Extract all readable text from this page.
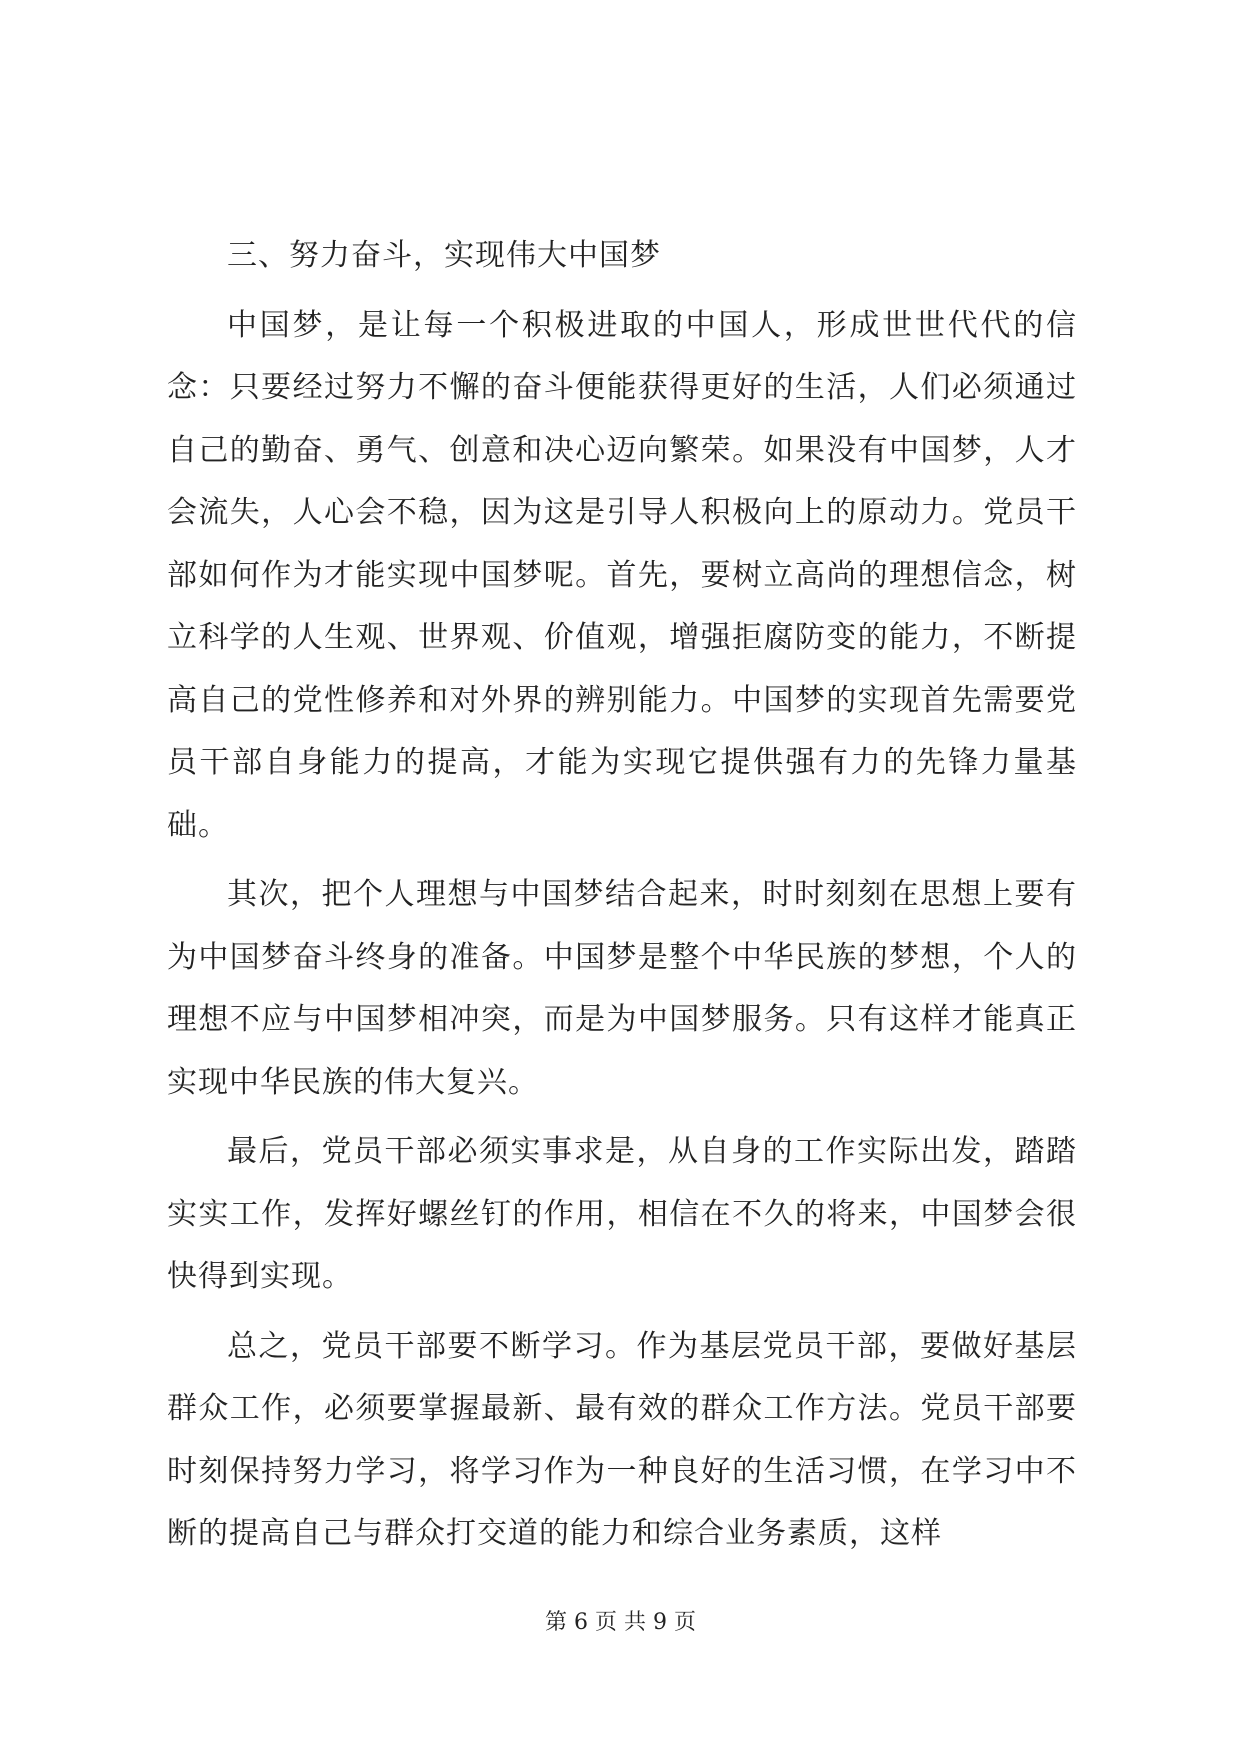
三、努力奋斗，实现伟大中国梦

中国梦，是让每一个积极进取的中国人，形成世世代代的信念：只要经过努力不懈的奋斗便能获得更好的生活，人们必须通过自己的勤奋、勇气、创意和决心迈向繁荣。如果没有中国梦，人才会流失，人心会不稳，因为这是引导人积极向上的原动力。党员干部如何作为才能实现中国梦呢。首先，要树立高尚的理想信念，树立科学的人生观、世界观、价值观，增强拒腐防变的能力，不断提高自己的党性修养和对外界的辨别能力。中国梦的实现首先需要党员干部自身能力的提高，才能为实现它提供强有力的先锋力量基础。

其次，把个人理想与中国梦结合起来，时时刻刻在思想上要有为中国梦奋斗终身的准备。中国梦是整个中华民族的梦想，个人的理想不应与中国梦相冲突，而是为中国梦服务。只有这样才能真正实现中华民族的伟大复兴。

最后，党员干部必须实事求是，从自身的工作实际出发，踏踏实实工作，发挥好螺丝钉的作用，相信在不久的将来，中国梦会很快得到实现。

总之，党员干部要不断学习。作为基层党员干部，要做好基层群众工作，必须要掌握最新、最有效的群众工作方法。党员干部要时刻保持努力学习，将学习作为一种良好的生活习惯，在学习中不断的提高自己与群众打交道的能力和综合业务素质，这样

第 6 页 共 9 页
